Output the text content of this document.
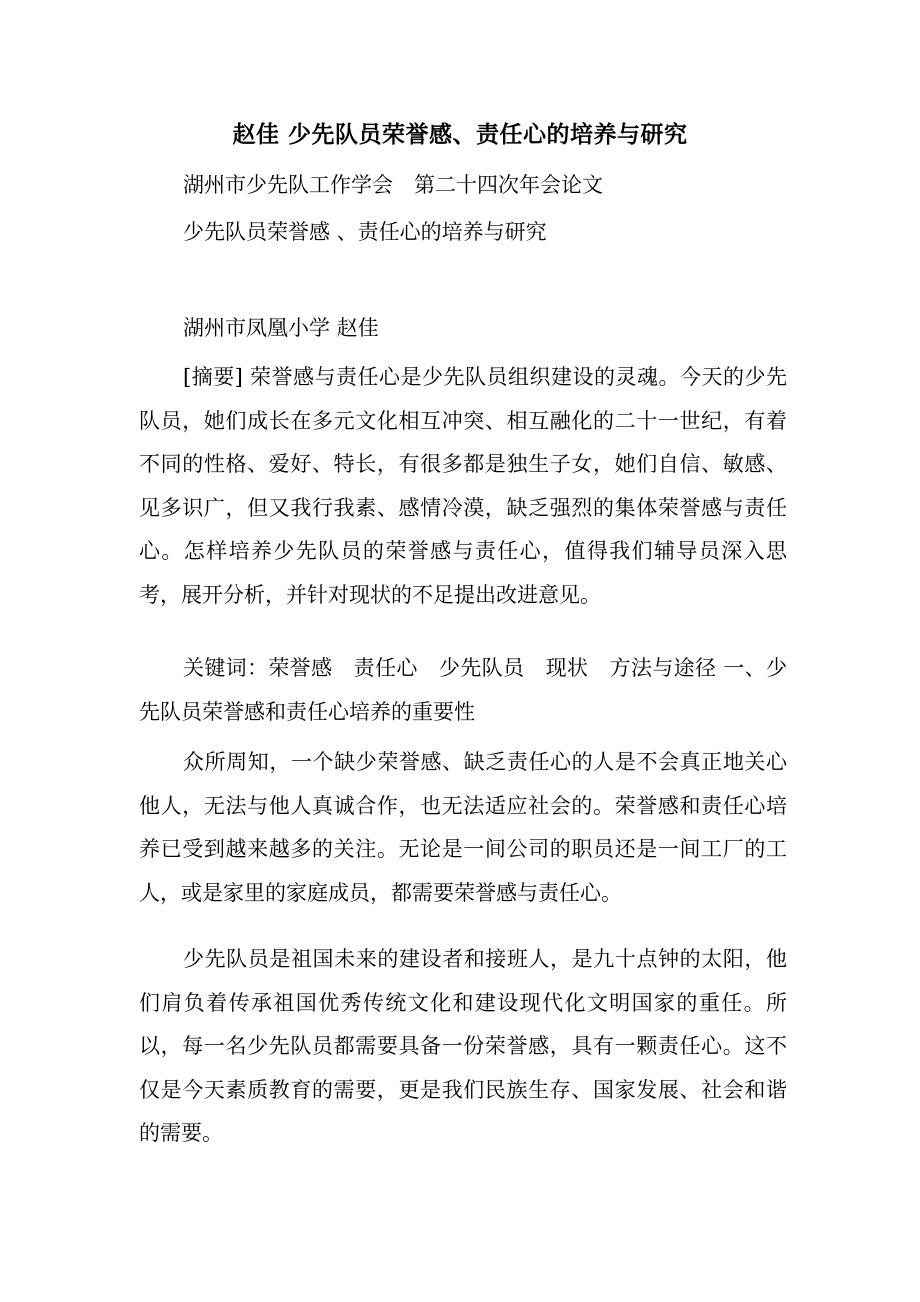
赵佳 少先队员荣誉感、责任心的培养与研究
湖州市少先队工作学会　第二十四次年会论文
少先队员荣誉感 、责任心的培养与研究
湖州市凤凰小学 赵佳
[摘要] 荣誉感与责任心是少先队员组织建设的灵魂。今天的少先队员，她们成长在多元文化相互冲突、相互融化的二十一世纪，有着不同的性格、爱好、特长，有很多都是独生子女，她们自信、敏感、见多识广，但又我行我素、感情冷漠，缺乏强烈的集体荣誉感与责任心。怎样培养少先队员的荣誉感与责任心，值得我们辅导员深入思考，展开分析，并针对现状的不足提出改进意见。
关键词：荣誉感　责任心　少先队员　现状　方法与途径 一、少先队员荣誉感和责任心培养的重要性
众所周知，一个缺少荣誉感、缺乏责任心的人是不会真正地关心他人，无法与他人真诚合作，也无法适应社会的。荣誉感和责任心培养已受到越来越多的关注。无论是一间公司的职员还是一间工厂的工人，或是家里的家庭成员，都需要荣誉感与责任心。
少先队员是祖国未来的建设者和接班人，是九十点钟的太阳，他们肩负着传承祖国优秀传统文化和建设现代化文明国家的重任。所以，每一名少先队员都需要具备一份荣誉感，具有一颗责任心。这不仅是今天素质教育的需要，更是我们民族生存、国家发展、社会和谐的需要。
